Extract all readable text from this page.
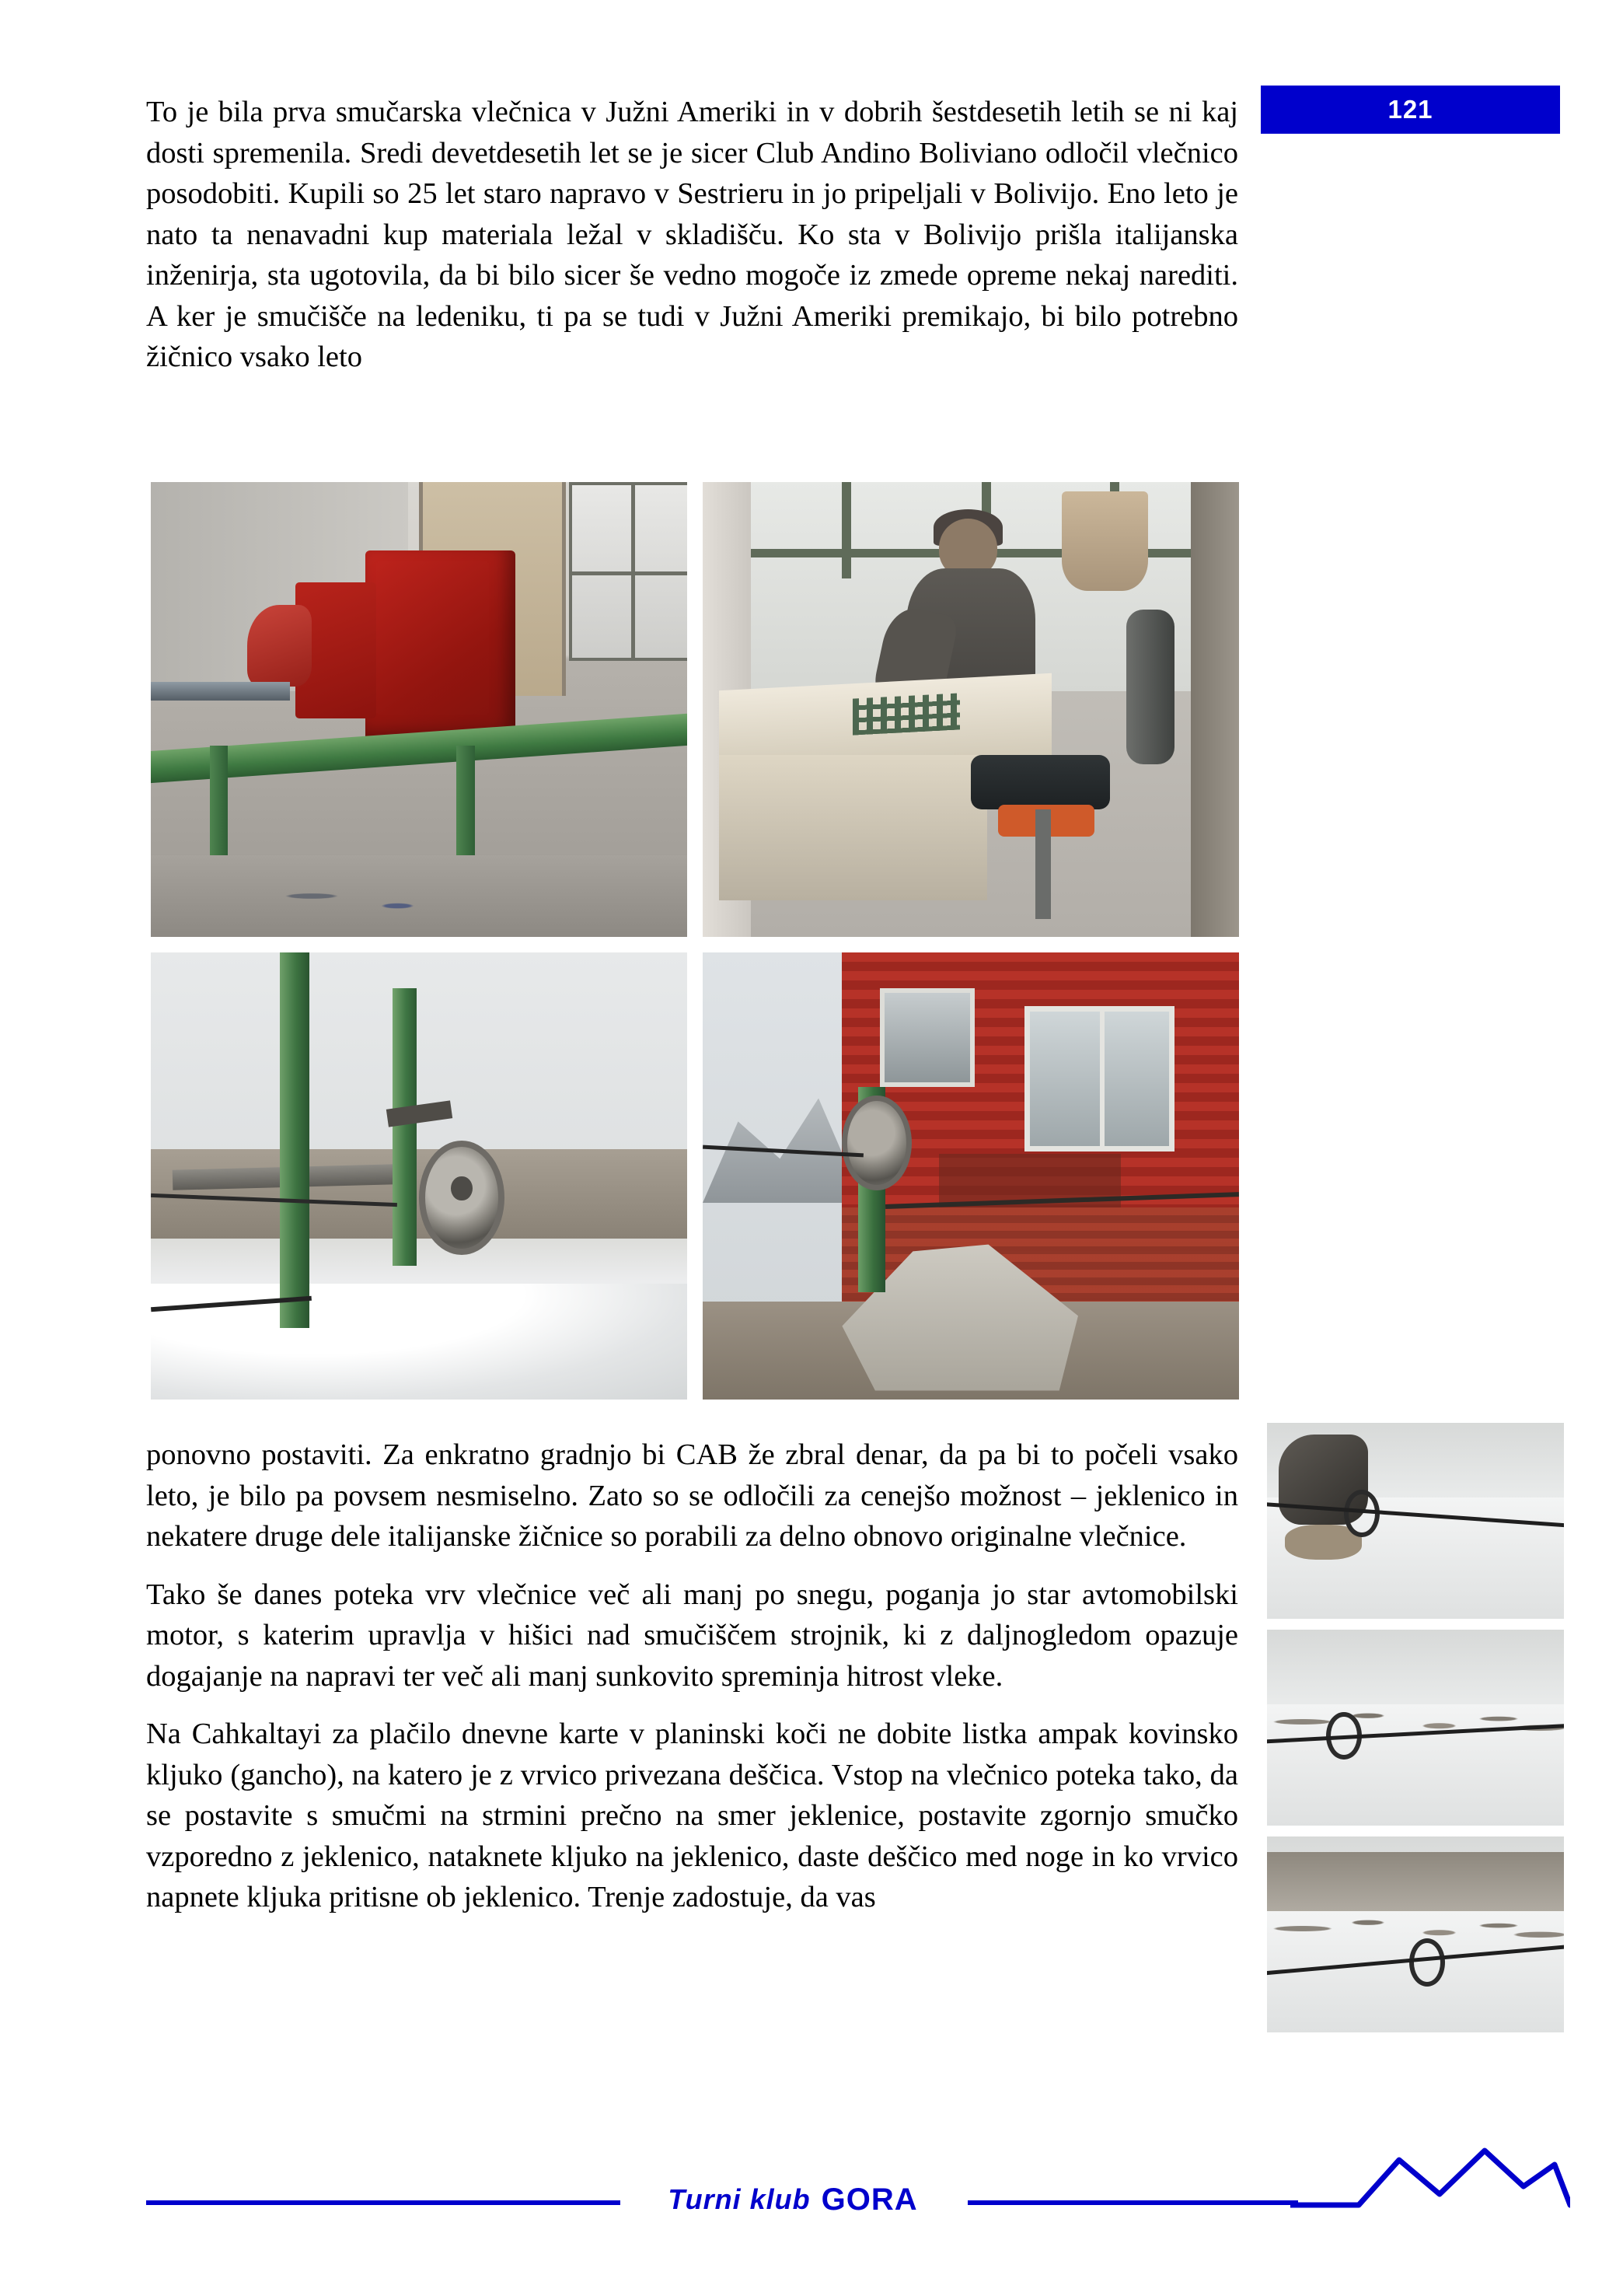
121

To je bila prva smučarska vlečnica v Južni Ameriki in v dobrih šestdesetih letih se ni kaj dosti spremenila. Sredi devetdesetih let se je sicer Club Andino Boliviano odločil vlečnico posodobiti. Kupili so 25 let staro napravo v Sestrieru in jo pripeljali v Bolivijo. Eno leto je nato ta nenavadni kup materiala ležal v skladišču. Ko sta v Bolivijo prišla italijanska inženirja, sta ugotovila, da bi bilo sicer še vedno mogoče iz zmede opreme nekaj narediti. A ker je smučišče na ledeniku, ti pa se tudi v Južni Ameriki premikajo, bi bilo potrebno žičnico vsako leto

ponovno postaviti. Za enkratno gradnjo bi CAB že zbral denar, da pa bi to počeli vsako leto, je bilo pa povsem nesmiselno. Zato so se odločili za cenejšo možnost – jeklenico in nekatere druge dele italijanske žičnice so porabili za delno obnovo originalne vlečnice.

Tako še danes poteka vrv vlečnice več ali manj po snegu, poganja jo star avtomobilski motor, s katerim upravlja v hišici nad smučiščem strojnik, ki z daljnogledom opazuje dogajanje na napravi ter več ali manj sunkovito spreminja hitrost vleke.

Na Cahkaltayi za plačilo dnevne karte v planinski koči ne dobite listka ampak kovinsko kljuko (gancho), na katero je z vrvico privezana deščica. Vstop na vlečnico poteka tako, da se postavite s smučmi na strmini prečno na smer jeklenice, postavite zgornjo smučko vzporedno z jeklenico, nataknete kljuko na jeklenico, daste deščico med noge in ko vrvico napnete kljuka pritisne ob jeklenico. Trenje zadostuje, da vas

Turni klub GORA
